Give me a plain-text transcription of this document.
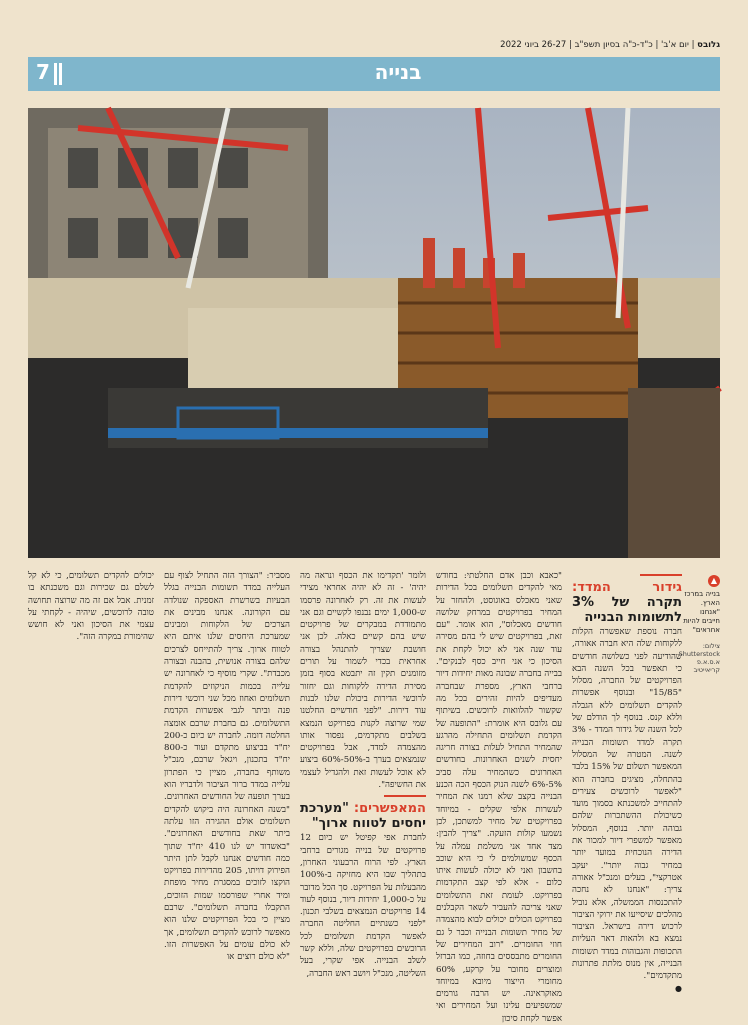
גלובס | יום א'ב' | כ"ד-כ"ה בסיון תשפ"ב | 26-27 ביוני 2022
בנייה
7

יכולים להקדים תשלומים, כי לא קל לשלם גם שכירות וגם משכנתא בו זמנית. אבל אם זה מה שרוצה תחושה טובה לרוכשים, שיהיה - לקחתי על עצמי את הסיכון ואני לא חושש שהימורת במקרה הזה".

מסביר: "הצורך הזה התחיל לצוף עם העלייה במדד תשומות הבנייה בגלל הבעיות בשרשרת האספקה שנולדה עם הקורונה. אנחנו מבינים את הצרכים של הלקוחות ומבינים שמערכת היחסים שלנו איתם היא לטווח ארוך. צריך להתייחס לצרכים שלהם בצורה אנושית, בהבנה ובצורה מכבדת". שקרי מוסיף כי לאחרונה יש עלייה בכמות הניקוזים להקדמת תשלומים ואחוז מכל שני רוכשי דירות פנה וביתר לגבי אפשרות הקדמת התשלומים. גם בחברת שרבם אומצה החלטה דומה. לחברה יש כיום כ-200 יח"ד בביצוע מתקדם ועוד כ-800 יח"ד בתכנון, ויגאל שרבם, מנכ"ל משותף בחברה, מציין כי הפתרון עלייה במדד ברור הציבור ולדבריו הוא בערך תופעה של החודשים האחרונים. "בשנה האחרונה היה ביקוש להקדים תשלומים אולם ההגירה הזו עלתה ביתר שאת בחודשים האחרונים". "באשדוד יש לנו 410 יח"ד שתוך כמה חודשים אנחנו לקבל לתן היתר הפירוק דויתו, 205 מהדירות בפרויקט הוקצו לזוכים במסגרת מחיר מופחת ומיד אחרי שפורסמו שמות הזוכים, התקבלו בחברה תשלומים". שרבם מציין כי בכל הפרויקטים שלנו הוא מאפשר לרוכש להקדים תשלומים, אך לא כולם עומים על האפשרות הזו. "לא כולם רוצים או

ולומר 'תקדימו את הכסף ונראה מה יהיה' - זה לא יהיה אחראי מצידי לעשות את זה. רק לאחרונה פרסמו ש-1,000 ימים נבנפו לקשיים וגם אני מתמודדת במבקרים של פרויקטים שיש בהם קשיים כאלה. לכן אני חושבת שצריך להתנהל בצורה אחראית בכדי לשמור על תורים מזומנים תקין זה יתבטא בסוף בזמן מסירת הדירה ללקוחות וגם יחזור לרוכשי הדירות ביכולת שלנו לבנות עוד דירות. "לפני חודשיים החלטנו שמי שרוצה לקנות בפרויקט הנמצא בשלבים מתקדמים, נפסור אותו מהצמדה למדד, אבל בפרויקטים שנמצאים בערך ב-50%-60% ביצוע לא אוכל לעשות זאת ולהגדיל לעצמי את החשיפה".

המאפשרים: "מערכת יחסים לטווח ארוך"

לחברת אפי קפיטל יש כיום 12 פרויקטים של בנייה מגורים ברחבי הארץ. לפי הרוח הרבעוני האחרון, בתהליך שבו היא מחזיקה ב-100% מהבעלות על הפרויקט. סך הכל מדובר על כ-1,000 יחידות דיור, בנוסף לעוד 14 פרויקטים הנמצאים בשלבי תכנון. "לפני כשנתיים החליטה החברה לאפשר הקדמת תשלומים לכל הרוכשים בפרויקטים שלה, וללא קשר לשלב הבנייה. אפי שקרי, בעל השליטה, מנכ"ל ויושב ראש החברה,

"כאבא וכבן אדם החלטתי: בחודש מאי להקדים תשלומים בכל הדירות שאני מאכלס באוגוסט, ולהחזר על המחיר בפרויקטים במרחק שלושה חודשים מאכלוס", הוא אומר. "עם זאת, בפרויקטים שיש לי בהם מסירה עוד שנה אני לא יכול לקחת את הסיכון כי אני חייב כסף לבנקים". בבייה בחברה שבונה מאות יחידות דיור ברחבי הארץ, מספרת שבחברה מעדיפים להיות זהירים בכל מה שקשור להלוואות לרוכשים. בשיתוף עם גלובס היא אומרת: "התופעה של הקדמת תשלומים התחילה מהרגע שהמחיר התחיל לעלות בצורה חריגה יחסית לשנים האחרונות. בחודשים האחרונים כשהמחיר עלה סביב 5%-6% לשנה הנוק הכסף הכה הכנע הבנייה בקצב שלא רמנו את המחיר לעשרות אלפי שקלים - במיוחד בפרויקטים של מחיר למשתכן, לכן נשמעו קולות הזעקה. "צריך להבין: מצד אחד אני משלמת עמלה על הכסף שמשולמים לי כי היא שוכב בחשבון ואני לא יכולה לעשות איתו כלום - אלא לפי קצב התקדמות בפרויקט. לעומת זאת התשלומים שאני צריכה להעביר לשאר הקבלנים בפרויקט הכולים יכולים לבוא מהצמדה של מחיר תשומות הבנייה וכבר ל גם חוזי החומרים. "רוב המחירים של החומרים מתבססים בחוזה, כמו הברזל ומוצרים מחובר על קרקע, 60% מחומרי הייצור מיובא במיוחד מאוקראינה. יש הרבה גורמים שמשפיעים עלינו ועל המחירים ואי אפשר לקחת סיכון

גידור המדד: תקרה של 3% לתשומות הבנייה

חברה נוספת שאפשרה הקלות ללקוחות שלה היא חברה אאורה, שהודיעה לפני כשלושה חודשים כי תאפשר בכל השנה הבא הפרויקטים של החברה, מסלול "15/85" ובנוסף אפשרות להקדים תשלומים ללא הגבלה וללא קנס. בנוסף לך הודלם של לכל השנה של גידור המדד - 3% תקרה למדד תשומות הבנייה לשנה. המטרה של המסלול המאפשר תשלום של 15% בלבד בהתחלה, מציגים בחברה הוא "לאפשר לרוכשים צעירים להתחייב למשכנתא בסמוך מועד כשיכולת ההשתכרות שלהם גבוהה יותר. בנוסף, המסלול מאפשר למשפרי דיור למכור את הדירה הנוכחית במועד יותר במחיר גבוה יותר". יעקב אטרקצי", בעלים ומנכ"ל אאורה צריך: "אנחנו לא נחכה להתכנסות הממשלה, אלא נוביל מהלכים שיסייעו את ירוקי הציבור לרכוש דירה בישראל. הציבור נמצא בא ולהאות דאר העליות התכופות והגבוהות במדד תשומות הבנייה, אין מנוס מלתת פתרונות מתקדמים".

●
▲
בנייה במרכז הארץ. "אנחנו חייבים להיות אחראים"
צילום: Shutterstock א.ס.א.פ קריאייטיב
